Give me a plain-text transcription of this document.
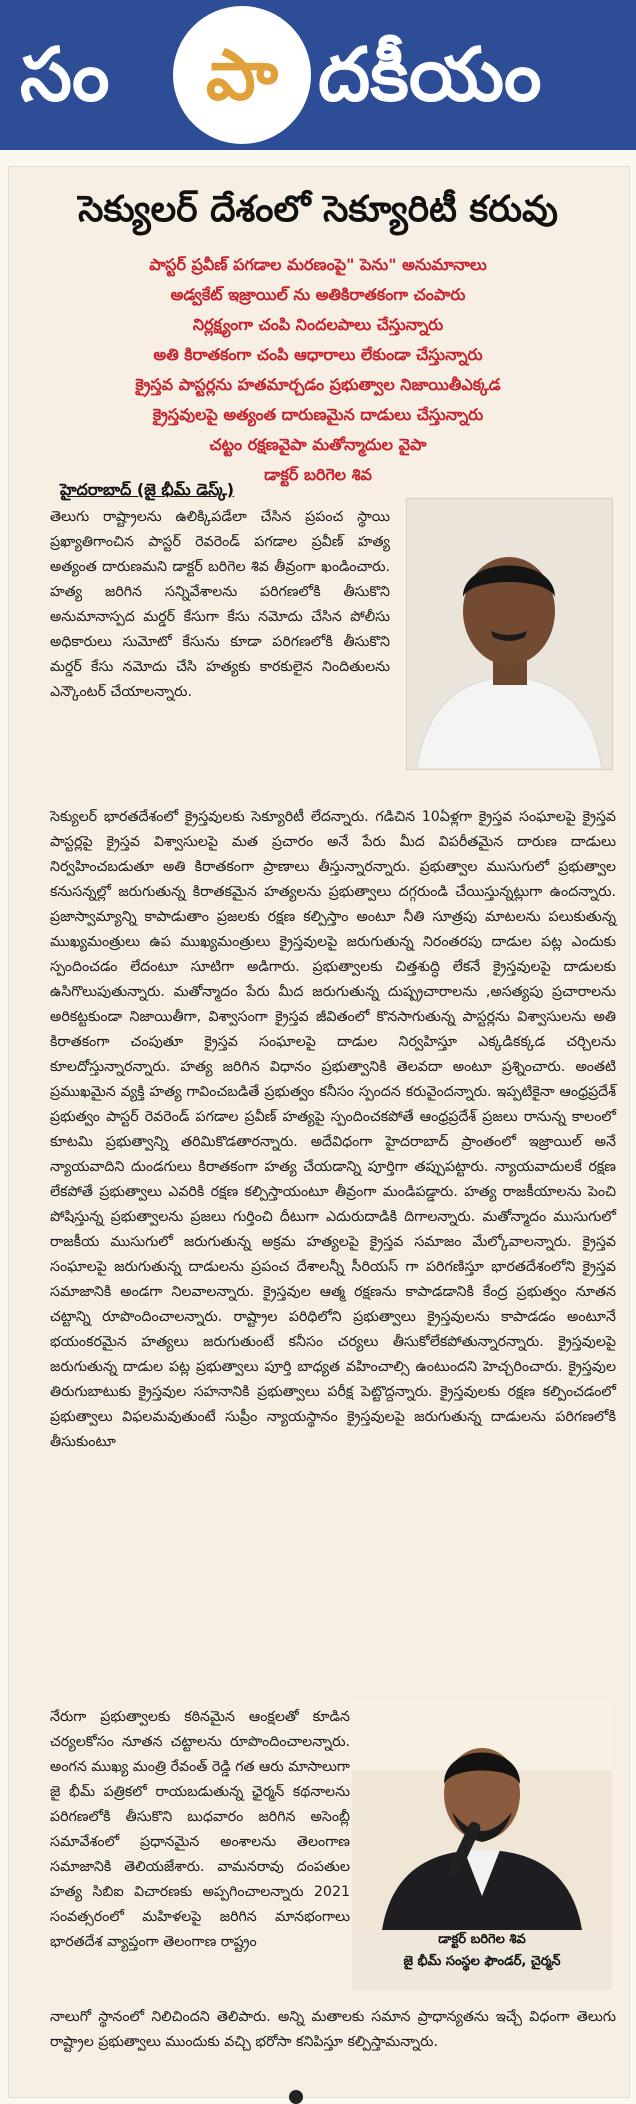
సం	పా దకీయం
సెక్యులర్ దేశంలో సెక్యూరిటీ కరువు
పాస్టర్ ప్రవీణ్ పగడాల మరణంపై" పెను" అనుమానాలు
అడ్వకేట్ ఇజ్రాయిల్ ను అతికిరాతకంగా చంపారు
నిర్లక్ష్యంగా చంపి నిందలపాలు చేస్తున్నారు
అతి కిరాతకంగా చంపి ఆధారాలు లేకుండా చేస్తున్నారు
క్రైస్తవ పాస్టర్లను హతమార్చడం ప్రభుత్వాల నిజాయితీఎక్కడ
క్రైస్తవులపై అత్యంత దారుణమైన దాడులు చేస్తున్నారు
చట్టం రక్షణవైపా మతోన్మాదుల వైపా
డాక్టర్ బరిగెల శివ
హైదరాబాద్ (జై భీమ్ డెస్క్)
తెలుగు రాష్ట్రాలను ఉలిక్కిపడేలా చేసిన ప్రపంచ స్థాయి ప్రఖ్యాతిగాంచిన పాస్టర్ రెవరెండ్ పగడాల ప్రవీణ్ హత్య అత్యంత దారుణమని డాక్టర్ బరిగెల శివ తీవ్రంగా ఖండించారు. హత్య జరిగిన సన్నివేశాలను పరిగణలోకి తీసుకొని అనుమానాస్పద మర్డర్ కేసుగా కేసు నమోదు చేసిన పోలీసు అధికారులు సుమోటో కేసును కూడా పరిగణలోకి తీసుకొని మర్డర్ కేసు నమోదు చేసి హత్యకు కారకులైన నిందితులను ఎన్కౌంటర్ చేయాలన్నారు.
సెక్యులర్ భారతదేశంలో క్రైస్తవులకు సెక్యూరిటీ లేదన్నారు. గడిచిన 10ఏళ్లగా క్రైస్తవ సంఘాలపై క్రైస్తవ పాస్టర్లపై క్రైస్తవ విశ్వాసులపై మత ప్రచారం అనే పేరు మీద విపరీతమైన దారుణ దాడులు నిర్వహించబడుతూ అతి కిరాతకంగా ప్రాణాలు తీస్తున్నారన్నారు. ప్రభుత్వాల ముసుగులో ప్రభుత్వాల కనుసన్నల్లో జరుగుతున్న కిరాతకమైన హత్యలను ప్రభుత్వాలు దగ్గరుండి చేయిస్తున్నట్లుగా ఉందన్నారు. ప్రజాస్వామ్యాన్ని కాపాడుతాం ప్రజలకు రక్షణ కల్పిస్తాం అంటూ నీతి సూత్రపు మాటలను పలుకుతున్న ముఖ్యమంత్రులు ఉప ముఖ్యమంత్రులు క్రైస్తవులపై జరుగుతున్న నిరంతరపు దాడుల పట్ల ఎందుకు స్పందించడం లేదంటూ సూటిగా అడిగారు. ప్రభుత్వాలకు చిత్తశుద్ధి లేకనే క్రైస్తవులపై దాడులకు ఉసిగొలుపుతున్నారు. మతోన్మాదం పేరు మీద జరుగుతున్న దుష్ప్రచారాలను ,అసత్యపు ప్రచారాలను అరికట్టకుండా నిజాయితీగా, విశ్వాసంగా క్రైస్తవ జీవితంలో కొనసాగుతున్న పాస్టర్లను విశ్వాసులను అతి కిరాతకంగా చంపుతూ క్రైస్తవ సంఘాలపై దాడుల నిర్వహిస్తూ ఎక్కడికక్కడ చర్చిలను కూలదోస్తున్నారన్నారు. హత్య జరిగిన విధానం ప్రభుత్వానికి తెలవదా అంటూ ప్రశ్నించారు. అంతటి ప్రముఖమైన వ్యక్తి హత్య గావించబడితే ప్రభుత్వం కనీసం స్పందన కరువైందన్నారు. ఇప్పటికైనా ఆంధ్రప్రదేశ్ ప్రభుత్వం పాస్టర్ రెవరెండ్ పగడాల ప్రవీణ్ హత్యపై స్పందించకపోతే ఆంధ్రప్రదేశ్ ప్రజలు రానున్న కాలంలో కూటమి ప్రభుత్వాన్ని తరిమికొడతారన్నారు. అదేవిధంగా హైదరాబాద్ ప్రాంతంలో ఇజ్రాయిల్ అనే న్యాయవాదిని దుండగులు కిరాతకంగా హత్య చేయడాన్ని పూర్తిగా తప్పుపట్టారు. న్యాయవాదులకే రక్షణ లేకపోతే ప్రభుత్వాలు ఎవరికి రక్షణ కల్పిస్తాయంటూ తీవ్రంగా మండిపడ్డారు. హత్య రాజకీయాలను పెంచి పోషిస్తున్న ప్రభుత్వాలను ప్రజలు గుర్తించి దీటుగా ఎదురుదాడికి దిగాలన్నారు. మతోన్మాదం ముసుగులో రాజకీయ ముసుగులో జరుగుతున్న అక్రమ హత్యలపై క్రైస్తవ సమాజం మేల్కోవాలన్నారు. క్రైస్తవ సంఘాలపై జరుగుతున్న దాడులను ప్రపంచ దేశాలన్నీ సీరియస్ గా పరిగణిస్తూ భారతదేశంలోని క్రైస్తవ సమాజానికి అండగా నిలవాలన్నారు. క్రైస్తవుల ఆత్మ రక్షణను కాపాడడానికి కేంద్ర ప్రభుత్వం నూతన చట్టాన్ని రూపొందించాలన్నారు. రాష్ట్రాల పరిధిలోని ప్రభుత్వాలు క్రైస్తవులను కాపాడడం అంటూనే భయంకరమైన హత్యలు జరుగుతుంటే కనీసం చర్యలు తీసుకోలేకపోతున్నారన్నారు. క్రైస్తవులపై జరుగుతున్న దాడుల పట్ల ప్రభుత్వాలు పూర్తి బాధ్యత వహించాల్సి ఉంటుందని హెచ్చరించారు. క్రైస్తవుల తిరుగుబాటుకు క్రైస్తవుల సహనానికి ప్రభుత్వాలు పరీక్ష పెట్టొద్దన్నారు. క్రైస్తవులకు రక్షణ కల్పించడంలో ప్రభుత్వాలు విఫలమవుతుంటే సుప్రీం న్యాయస్థానం క్రైస్తవులపై జరుగుతున్న దాడులను పరిగణలోకి తీసుకుంటూ
నేరుగా ప్రభుత్వాలకు కఠినమైన ఆంక్షలతో కూడిన చర్యలకోసం నూతన చట్టాలను రూపొందించాలన్నారు. అంగన ముఖ్య మంత్రి రేవంత్ రెడ్డి గత ఆరు మాసాలుగా జై భీమ్ పత్రికలో రాయబడుతున్న ఛైర్మన్ కథనాలను పరిగణలోకి తీసుకొని బుధవారం జరిగిన అసెంబ్లీ సమావేశంలో ప్రధానమైన అంశాలను తెలంగాణ సమాజానికి తెలియజేశారు. వామనరావు దంపతుల హత్య సిబిఐ విచారణకు అప్పగించాలన్నారు 2021 సంవత్సరంలో మహిళలపై జరిగిన మానభంగాలు భారతదేశ వ్యాప్తంగా తెలంగాణ రాష్ట్రం	డాక్టర్ బరిగెల శివ
జై భీమ్ సంస్థల ఫౌండర్, చైర్మన్
నాలుగో స్థానంలో నిలిచిందని తెలిపారు. అన్ని మతాలకు సమాన ప్రాధాన్యతను ఇచ్చే విధంగా తెలుగు రాష్ట్రాల ప్రభుత్వాలు ముందుకు వచ్చి భరోసా కనిపిస్తూ కల్పిస్తామన్నారు.
